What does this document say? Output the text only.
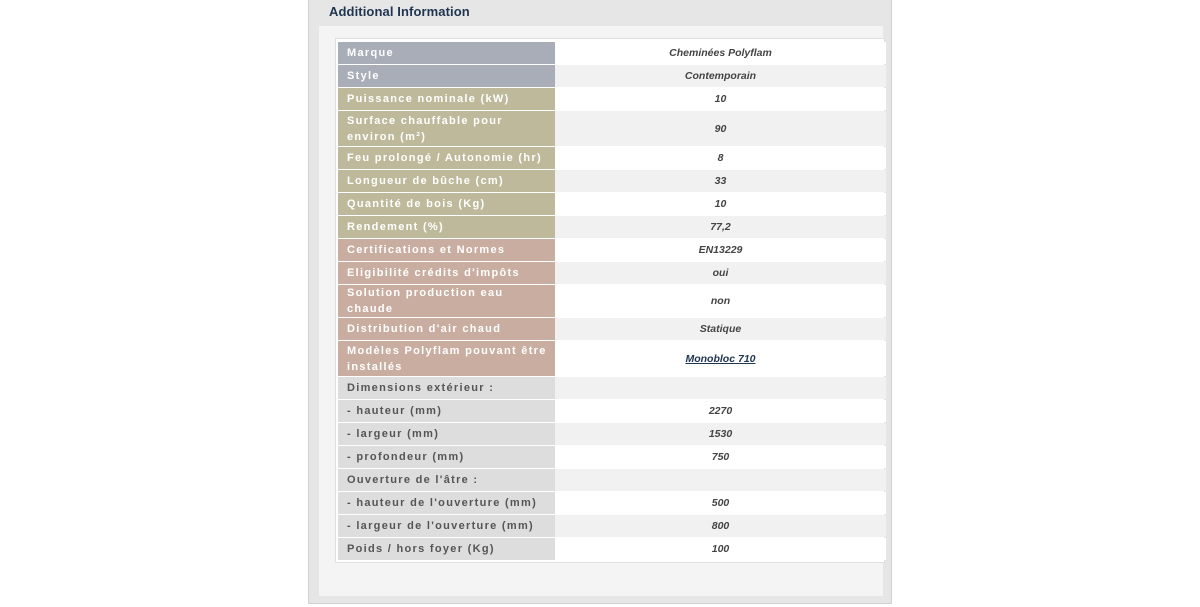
Additional Information
Marque	Cheminées Polyflam
Style	Contemporain
Puissance nominale (kW)	10
Surface chauffable pour environ (m²)	90
Feu prolongé / Autonomie (hr)	8
Longueur de bûche (cm)	33
Quantité de bois (Kg)	10
Rendement (%)	77,2
Certifications et Normes	EN13229
Eligibilité crédits d'impôts	oui
Solution production eau chaude	non
Distribution d'air chaud	Statique
Modèles Polyflam pouvant être installés	Monobloc 710
Dimensions extérieur :	
- hauteur (mm)	2270
- largeur (mm)	1530
- profondeur (mm)	750
Ouverture de l'âtre :	
- hauteur de l'ouverture (mm)	500
- largeur de l'ouverture (mm)	800
Poids / hors foyer (Kg)	100
